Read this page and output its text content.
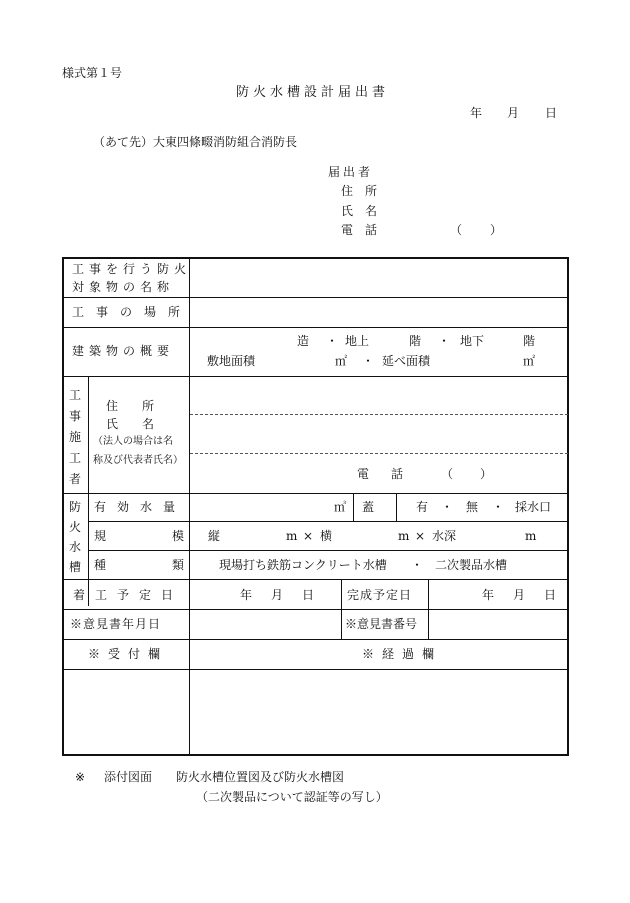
様式第１号
防火水槽設計届出書
年 月 日
（あて先）大東四條畷消防組合消防長
届出者
住　所
氏　名
電　話	（ ）
工事を行う防火
対象物の名称
工事の場所
建築物の概要
造 ・ 地上	階 ・ 地下	階
敷地面積	㎡ ・ 延べ面積	㎡
工
事
施
工
者
住　　所
氏　　名
（法人の場合は名
称及び代表者氏名）
電　話	（ ）
防
火
水
槽
有効水量	㎥ 蓋	有 ・ 無 ・ 採水口
規　　模 縦	m × 横	m × 水深	m
種　　類 現場打ち鉄筋コンクリート水槽 ・ 二次製品水槽
着工予定日	年 月 日	完成予定日	年 月 日
※意見書年月日	※意見書番号
※受付欄	※経過欄
※ 添付図面 防火水槽位置図及び防火水槽図
（二次製品について認証等の写し）
